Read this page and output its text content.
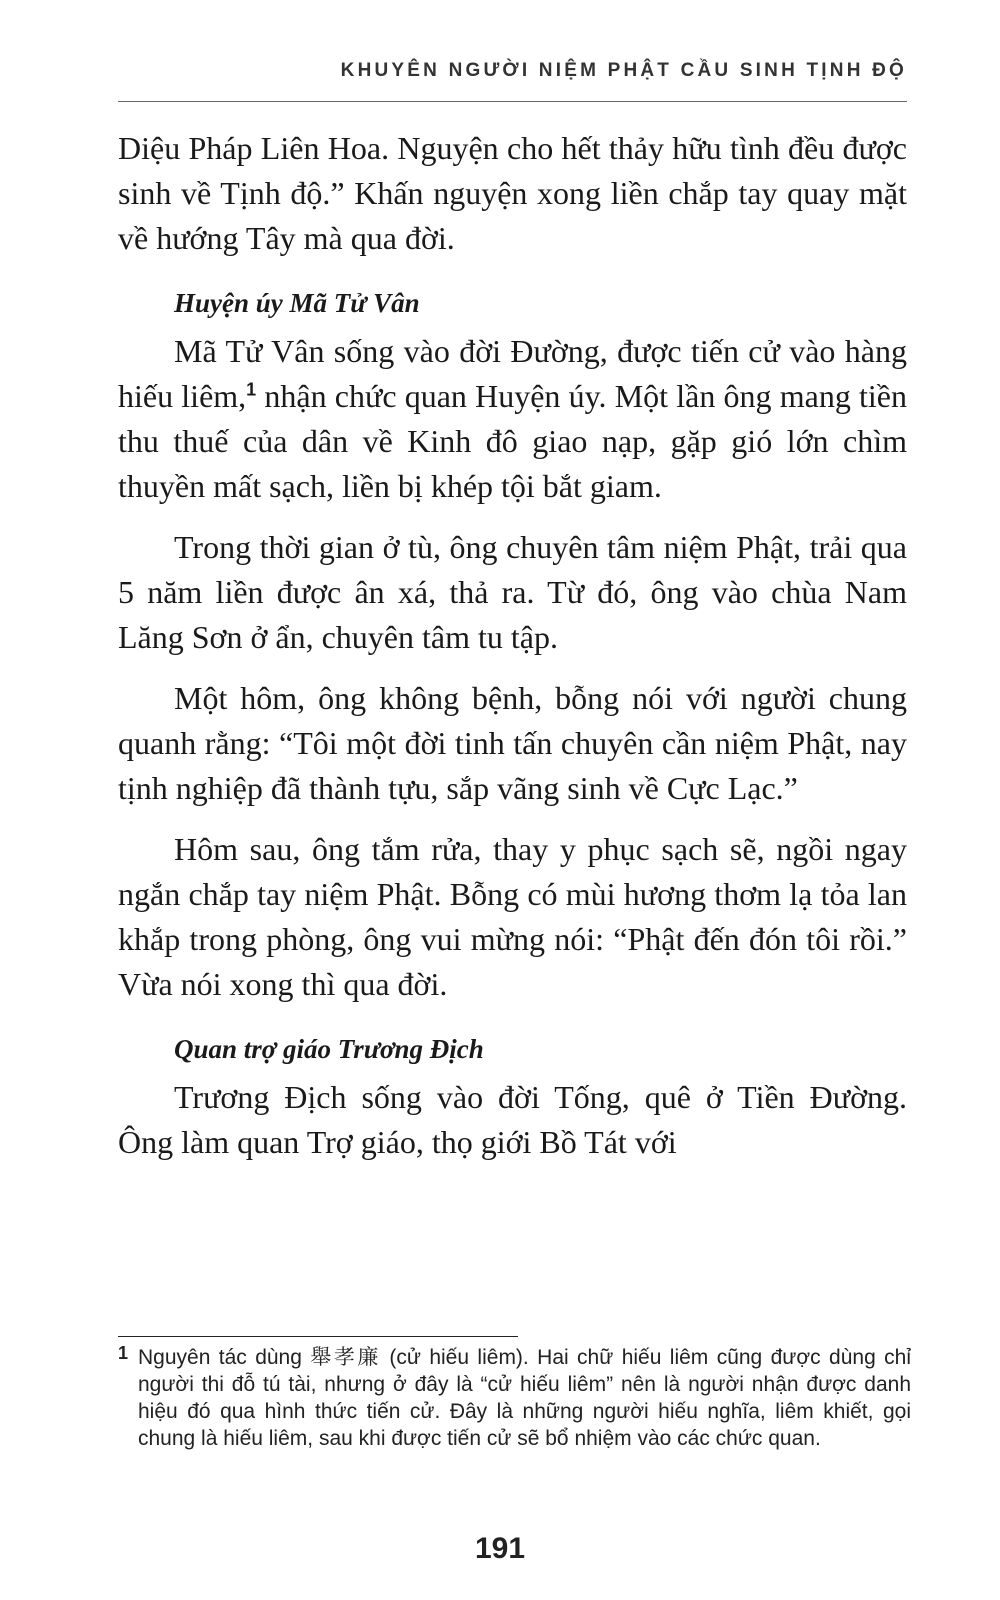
KHUYÊN NGƯỜI NIỆM PHẬT CẦU SINH TỊNH ĐỘ

Diệu Pháp Liên Hoa. Nguyện cho hết thảy hữu tình đều được sinh về Tịnh độ.” Khấn nguyện xong liền chắp tay quay mặt về hướng Tây mà qua đời.

Huyện úy Mã Tử Vân

Mã Tử Vân sống vào đời Đường, được tiến cử vào hàng hiếu liêm,$^1$ nhận chức quan Huyện úy. Một lần ông mang tiền thu thuế của dân về Kinh đô giao nạp, gặp gió lớn chìm thuyền mất sạch, liền bị khép tội bắt giam.

Trong thời gian ở tù, ông chuyên tâm niệm Phật, trải qua 5 năm liền được ân xá, thả ra. Từ đó, ông vào chùa Nam Lăng Sơn ở ẩn, chuyên tâm tu tập.

Một hôm, ông không bệnh, bỗng nói với người chung quanh rằng: “Tôi một đời tinh tấn chuyên cần niệm Phật, nay tịnh nghiệp đã thành tựu, sắp vãng sinh về Cực Lạc.”

Hôm sau, ông tắm rửa, thay y phục sạch sẽ, ngồi ngay ngắn chắp tay niệm Phật. Bỗng có mùi hương thơm lạ tỏa lan khắp trong phòng, ông vui mừng nói: “Phật đến đón tôi rồi.” Vừa nói xong thì qua đời.

Quan trợ giáo Trương Địch

Trương Địch sống vào đời Tống, quê ở Tiền Đường. Ông làm quan Trợ giáo, thọ giới Bồ Tát với

1 Nguyên tác dùng 舉孝廉 (cử hiếu liêm). Hai chữ hiếu liêm cũng được dùng chỉ người thi đỗ tú tài, nhưng ở đây là “cử hiếu liêm” nên là người nhận được danh hiệu đó qua hình thức tiến cử. Đây là những người hiếu nghĩa, liêm khiết, gọi chung là hiếu liêm, sau khi được tiến cử sẽ bổ nhiệm vào các chức quan.
191
